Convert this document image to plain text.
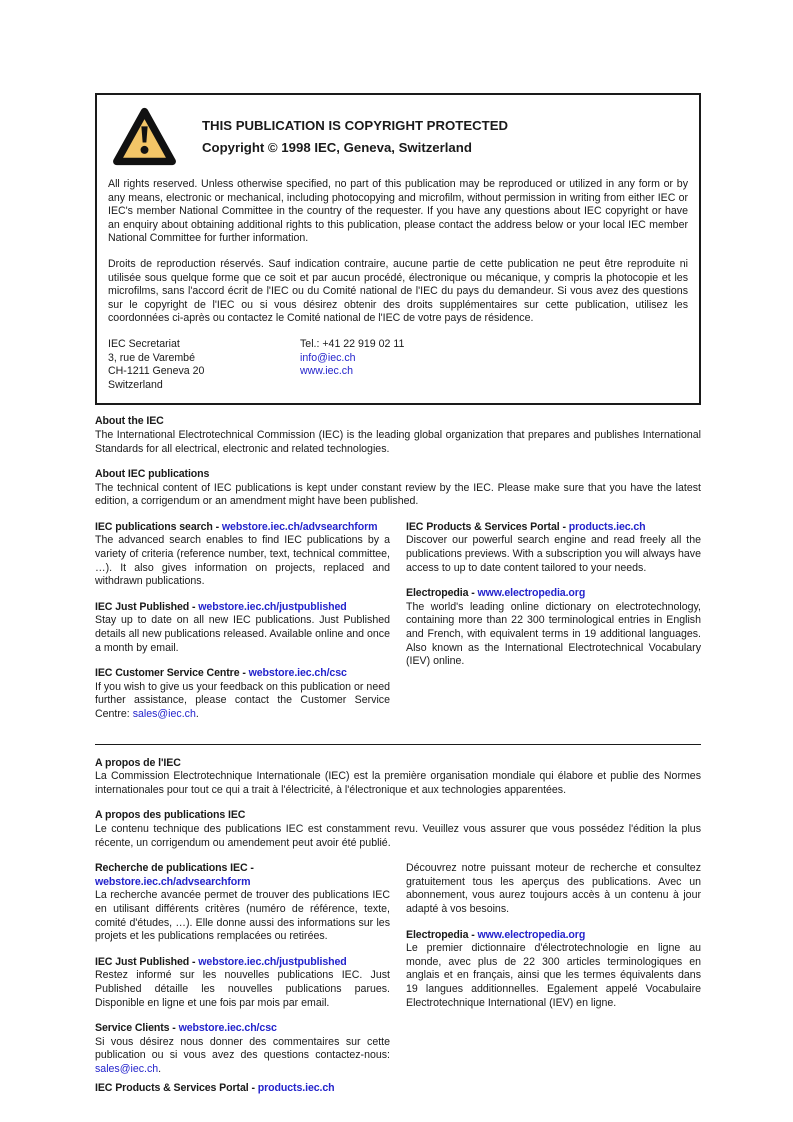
THIS PUBLICATION IS COPYRIGHT PROTECTED
Copyright © 1998 IEC, Geneva, Switzerland

All rights reserved. Unless otherwise specified, no part of this publication may be reproduced or utilized in any form or by any means, electronic or mechanical, including photocopying and microfilm, without permission in writing from either IEC or IEC's member National Committee in the country of the requester. If you have any questions about IEC copyright or have an enquiry about obtaining additional rights to this publication, please contact the address below or your local IEC member National Committee for further information.

Droits de reproduction réservés. Sauf indication contraire, aucune partie de cette publication ne peut être reproduite ni utilisée sous quelque forme que ce soit et par aucun procédé, électronique ou mécanique, y compris la photocopie et les microfilms, sans l'accord écrit de l'IEC ou du Comité national de l'IEC du pays du demandeur. Si vous avez des questions sur le copyright de l'IEC ou si vous désirez obtenir des droits supplémentaires sur cette publication, utilisez les coordonnées ci-après ou contactez le Comité national de l'IEC de votre pays de résidence.

IEC Secretariat
3, rue de Varembé
CH-1211 Geneva 20
Switzerland
Tel.: +41 22 919 02 11
info@iec.ch
www.iec.ch
About the IEC

The International Electrotechnical Commission (IEC) is the leading global organization that prepares and publishes International Standards for all electrical, electronic and related technologies.

About IEC publications

The technical content of IEC publications is kept under constant review by the IEC. Please make sure that you have the latest edition, a corrigendum or an amendment might have been published.

IEC publications search - webstore.iec.ch/advsearchform

The advanced search enables to find IEC publications by a variety of criteria (reference number, text, technical committee, …). It also gives information on projects, replaced and withdrawn publications.

IEC Just Published - webstore.iec.ch/justpublished

Stay up to date on all new IEC publications. Just Published details all new publications released. Available online and once a month by email.

IEC Customer Service Centre - webstore.iec.ch/csc

If you wish to give us your feedback on this publication or need further assistance, please contact the Customer Service Centre: sales@iec.ch.

IEC Products & Services Portal - products.iec.ch

Discover our powerful search engine and read freely all the publications previews. With a subscription you will always have access to up to date content tailored to your needs.

Electropedia - www.electropedia.org

The world's leading online dictionary on electrotechnology, containing more than 22 300 terminological entries in English and French, with equivalent terms in 19 additional languages. Also known as the International Electrotechnical Vocabulary (IEV) online.

A propos de l'IEC

La Commission Electrotechnique Internationale (IEC) est la première organisation mondiale qui élabore et publie des Normes internationales pour tout ce qui a trait à l'électricité, à l'électronique et aux technologies apparentées.

A propos des publications IEC

Le contenu technique des publications IEC est constamment revu. Veuillez vous assurer que vous possédez l'édition la plus récente, un corrigendum ou amendement peut avoir été publié.

Recherche de publications IEC -
webstore.iec.ch/advsearchform

La recherche avancée permet de trouver des publications IEC en utilisant différents critères (numéro de référence, texte, comité d'études, …). Elle donne aussi des informations sur les projets et les publications remplacées ou retirées.

IEC Just Published - webstore.iec.ch/justpublished

Restez informé sur les nouvelles publications IEC. Just Published détaille les nouvelles publications parues. Disponible en ligne et une fois par mois par email.

Service Clients - webstore.iec.ch/csc

Si vous désirez nous donner des commentaires sur cette publication ou si vous avez des questions contactez-nous: sales@iec.ch.

IEC Products & Services Portal - products.iec.ch

Découvrez notre puissant moteur de recherche et consultez gratuitement tous les aperçus des publications. Avec un abonnement, vous aurez toujours accès à un contenu à jour adapté à vos besoins.

Electropedia - www.electropedia.org

Le premier dictionnaire d'électrotechnologie en ligne au monde, avec plus de 22 300 articles terminologiques en anglais et en français, ainsi que les termes équivalents dans 19 langues additionnelles. Egalement appelé Vocabulaire Electrotechnique International (IEV) en ligne.
